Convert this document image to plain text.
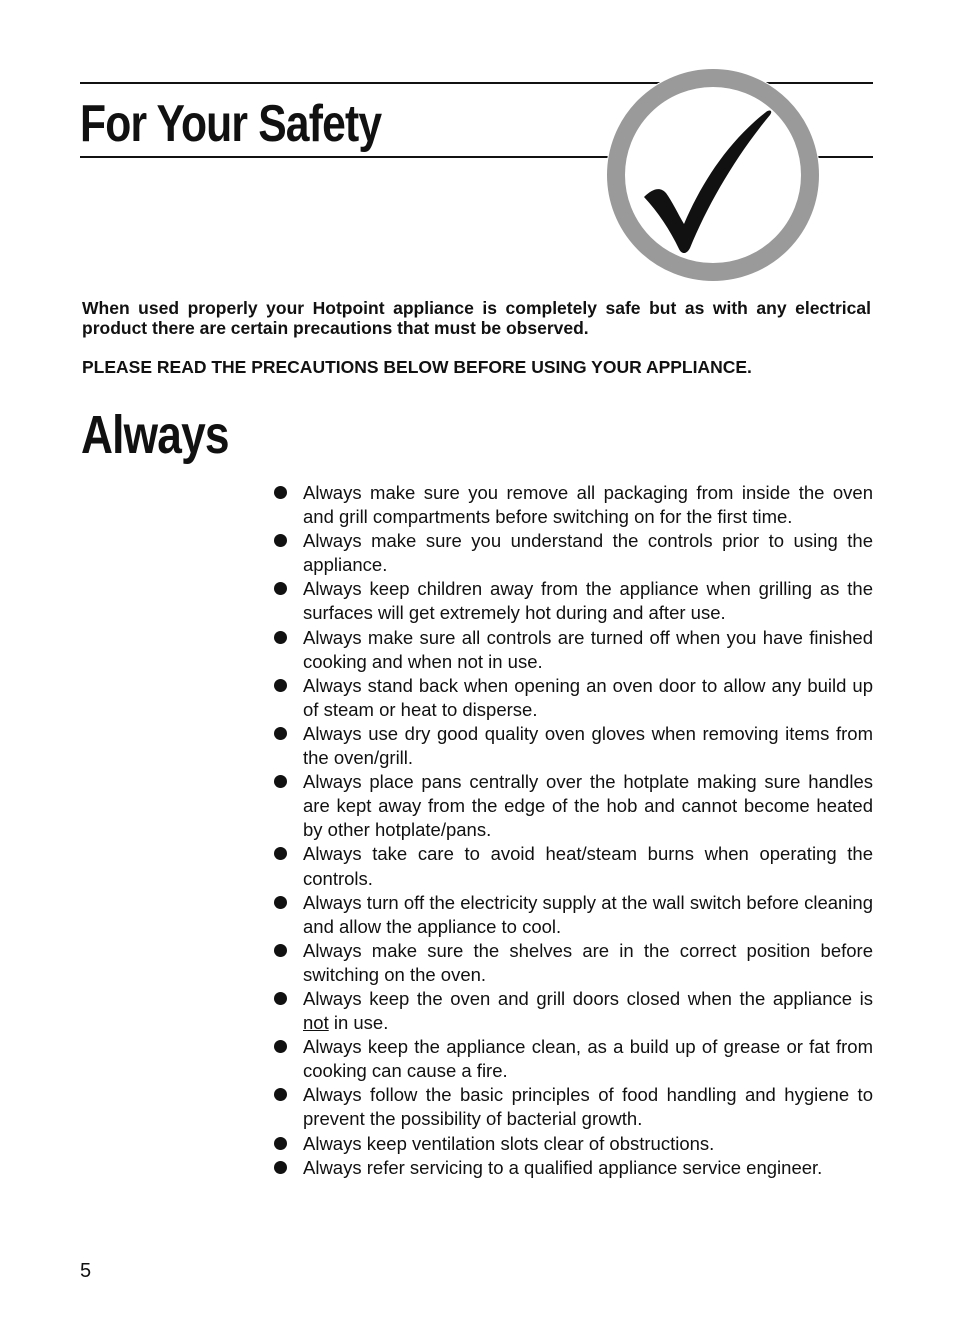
For Your Safety

When used properly your Hotpoint appliance is completely safe but as with any electrical product there are certain precautions that must be observed.

PLEASE READ THE PRECAUTIONS BELOW BEFORE USING YOUR APPLIANCE.

Always
Always make sure you remove all packaging from inside the oven and grill compartments before switching on for the first time.
Always make sure you understand the controls prior to using the appliance.
Always keep children away from the appliance when grilling as the surfaces will get extremely hot during and after use.
Always make sure all controls are turned off when you have finished cooking and when not in use.
Always stand back when opening an oven door to allow any build up of steam or heat to disperse.
Always use dry good quality oven gloves when removing items from the oven/grill.
Always place pans centrally over the hotplate making sure handles are kept away from the edge of the hob and cannot become heated by other hotplate/pans.
Always take care to avoid heat/steam burns when operating the controls.
Always turn off the electricity supply at the wall switch before cleaning and allow the appliance to cool.
Always make sure the shelves are in the correct position before switching on the oven.
Always keep the oven and grill doors closed when the appliance is not in use.
Always keep the appliance clean, as a build up of grease or fat from cooking can cause a fire.
Always follow the basic principles of food handling and hygiene to prevent the possibility of bacterial growth.
Always keep ventilation slots clear of obstructions.
Always refer servicing to a qualified appliance service engineer.
5
